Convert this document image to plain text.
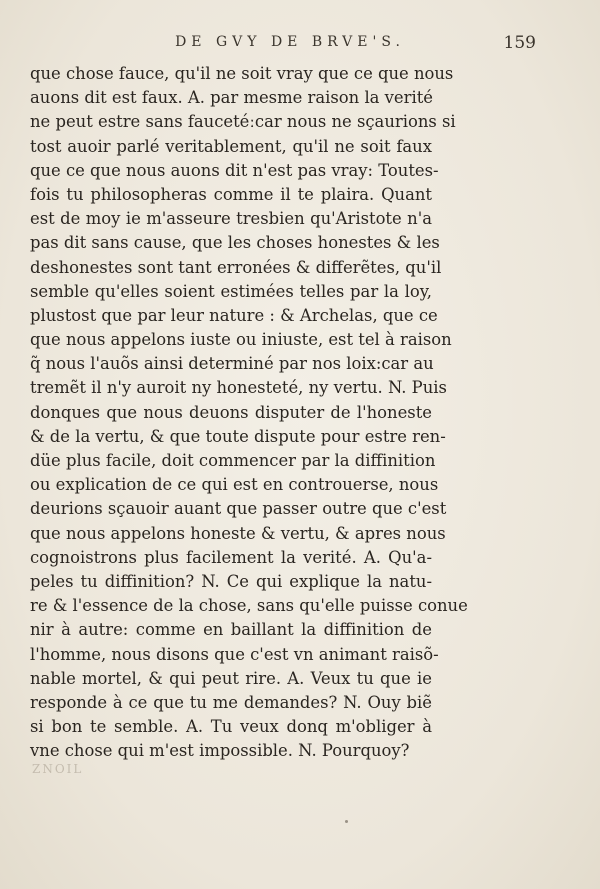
DE GVY DE BRVE'S.	159
que chose fauce, qu'il ne soit vray que ce que nous
auons dit est faux. A. par mesme raison la verité
ne peut estre sans faucetéːcar nous ne sçaurions si
tost auoir parlé veritablement, qu'il ne soit faux
que ce que nous auons dit n'est pas vray: Toutes-
fois tu philosopheras comme il te plaira. Quant
est de moy ie m'asseure tresbien qu'Aristote n'a
pas dit sans cause, que les choses honestes & les
deshonestes sont tant erronées & differẽtes, qu'il
semble qu'elles soient estimées telles par la loy,
plustost que par leur nature : & Archelas, que ce
que nous appelons iuste ou iniuste, est tel à raison
q̃ nous l'auõs ainsi determiné par nos loix:car au
tremẽt il n'y auroit ny honesteté, ny vertu. N. Puis
donques que nous deuons disputer de l'honeste
& de la vertu, & que toute dispute pour estre ren-
düe plus facile, doit commencer par la diffinition
ou explication de ce qui est en controuerse, nous
deurions sçauoir auant que passer outre que c'est
que nous appelons honeste & vertu, & apres nous
cognoistrons plus facilement la verité. A. Qu'a-
peles tu diffinition? N. Ce qui explique la natu-
re & l'essence de la chose, sans qu'elle puisse conue
nir à autre: comme en baillant la diffinition de
l'homme, nous disons que c'est vn animant raisõ-
nable mortel, & qui peut rire. A. Veux tu que ie
responde à ce que tu me demandes? N. Ouy biẽ
si bon te semble. A. Tu veux donq m'obliger à
vne chose qui m'est impossible. N. Pourquoy?
ZNOIL
